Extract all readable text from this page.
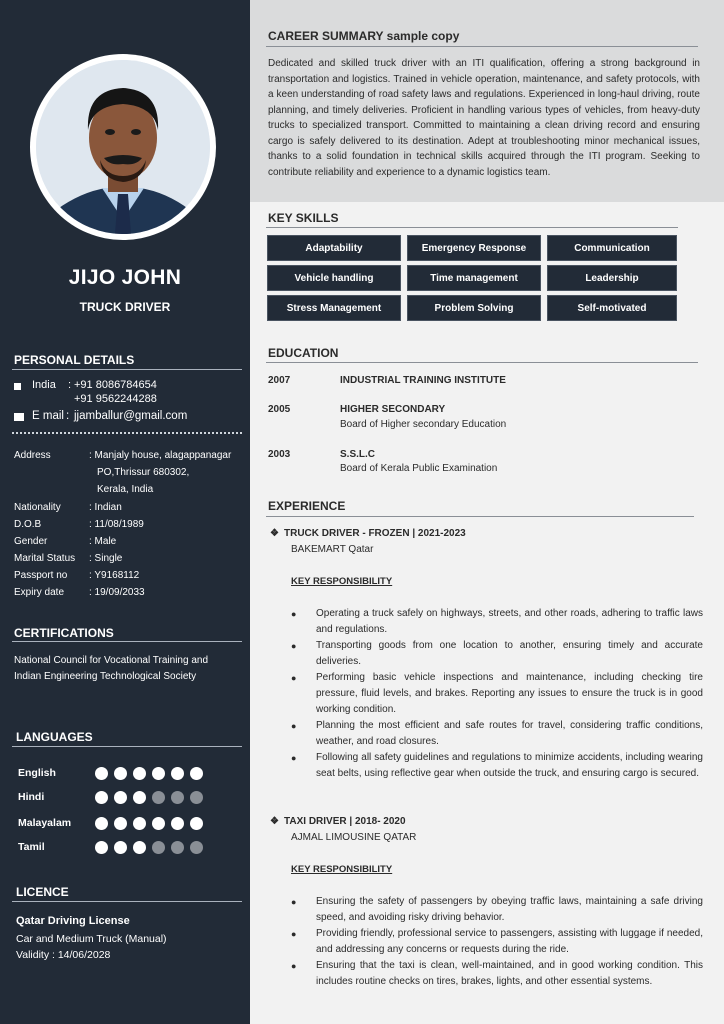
JIJO JOHN
TRUCK DRIVER
PERSONAL DETAILS
India	: +91 8086784654
+91 9562244288
E mail : jjamballur@gmail.com
Address	: Manjaly house, alagappanagar
PO,Thrissur 680302,
Kerala, India
Nationality	: Indian
D.O.B	: 11/08/1989
Gender	: Male
Marital Status : Single
Passport no : Y9168112
Expiry date : 19/09/2033
CERTIFICATIONS
National Council for Vocational Training and Indian Engineering Technological Society
LANGUAGES
English
Hindi
Malayalam
Tamil
LICENCE
Qatar Driving License
Car and Medium Truck (Manual)
Validity : 14/06/2028
CAREER SUMMARY sample copy
Dedicated and skilled truck driver with an ITI qualification, offering a strong background in transportation and logistics. Trained in vehicle operation, maintenance, and safety protocols, with a keen understanding of road safety laws and regulations. Experienced in long-haul driving, route planning, and timely deliveries. Proficient in handling various types of vehicles, from heavy-duty trucks to specialized transport. Committed to maintaining a clean driving record and ensuring cargo is safely delivered to its destination. Adept at troubleshooting minor mechanical issues, thanks to a solid foundation in technical skills acquired through the ITI program. Seeking to contribute reliability and experience to a dynamic logistics team.
KEY SKILLS
Adaptability	Emergency Response	Communication
Vehicle handling	Time management	Leadership
Stress Management	Problem Solving	Self-motivated
EDUCATION
2007	INDUSTRIAL TRAINING INSTITUTE
2005	HIGHER SECONDARY
Board of Higher secondary Education
2003	S.S.L.C
Board of Kerala Public Examination
EXPERIENCE
❖ TRUCK DRIVER - FROZEN | 2021-2023
BAKEMART Qatar
KEY RESPONSIBILITY
● Operating a truck safely on highways, streets, and other roads, adhering to traffic laws and regulations.
● Transporting goods from one location to another, ensuring timely and accurate deliveries.
● Performing basic vehicle inspections and maintenance, including checking tire pressure, fluid levels, and brakes. Reporting any issues to ensure the truck is in good working condition.
● Planning the most efficient and safe routes for travel, considering traffic conditions, weather, and road closures.
● Following all safety guidelines and regulations to minimize accidents, including wearing seat belts, using reflective gear when outside the truck, and ensuring cargo is secured.
❖ TAXI DRIVER | 2018- 2020
AJMAL LIMOUSINE QATAR
KEY RESPONSIBILITY
● Ensuring the safety of passengers by obeying traffic laws, maintaining a safe driving speed, and avoiding risky driving behavior.
● Providing friendly, professional service to passengers, assisting with luggage if needed, and addressing any concerns or requests during the ride.
● Ensuring that the taxi is clean, well-maintained, and in good working condition. This includes routine checks on tires, brakes, lights, and other essential systems.
